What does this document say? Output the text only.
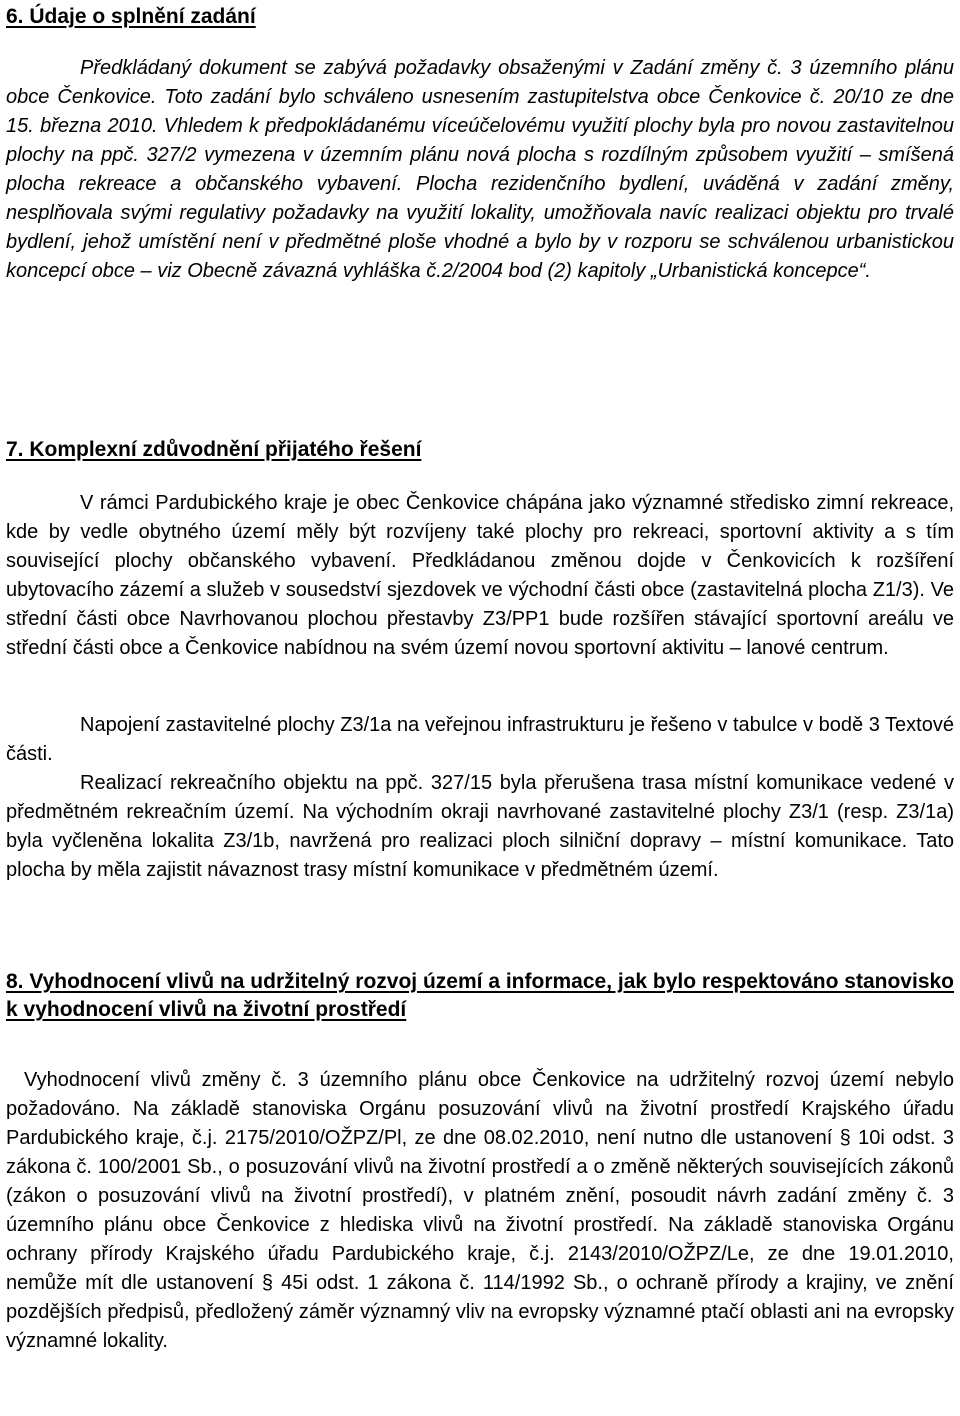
6. Údaje o splnění zadání

Předkládaný dokument se zabývá požadavky obsaženými v Zadání změny č. 3 územního plánu obce Čenkovice. Toto zadání bylo schváleno usnesením zastupitelstva obce Čenkovice č. 20/10 ze dne 15. března 2010. Vhledem k předpokládanému víceúčelovému využití plochy byla pro novou zastavitelnou plochy na ppč. 327/2 vymezena v územním plánu nová plocha s rozdílným způsobem využití – smíšená plocha rekreace a občanského vybavení. Plocha rezidenčního bydlení, uváděná v zadání změny, nesplňovala svými regulativy požadavky na využití lokality, umožňovala navíc realizaci objektu pro trvalé bydlení, jehož umístění není v předmětné ploše vhodné a bylo by v rozporu se schválenou urbanistickou koncepcí obce – viz Obecně závazná vyhláška č.2/2004 bod (2) kapitoly „Urbanistická koncepce“.

7. Komplexní zdůvodnění přijatého řešení

V rámci Pardubického kraje je obec Čenkovice chápána jako významné středisko zimní rekreace, kde by vedle obytného území měly být rozvíjeny také plochy pro rekreaci, sportovní aktivity a s tím související plochy občanského vybavení. Předkládanou změnou dojde v Čenkovicích k rozšíření ubytovacího zázemí a služeb v sousedství sjezdovek ve východní části obce (zastavitelná plocha Z1/3). Ve střední části obce Navrhovanou plochou přestavby Z3/PP1 bude rozšířen stávající sportovní areálu ve střední části obce a Čenkovice nabídnou na svém území novou sportovní aktivitu – lanové centrum.

Napojení zastavitelné plochy Z3/1a na veřejnou infrastrukturu je řešeno v tabulce v bodě 3 Textové části.

Realizací rekreačního objektu na ppč. 327/15 byla přerušena trasa místní komunikace vedené v předmětném rekreačním území. Na východním okraji navrhované zastavitelné plochy Z3/1 (resp. Z3/1a) byla vyčleněna lokalita Z3/1b, navržená pro realizaci ploch silniční dopravy – místní komunikace. Tato plocha by měla zajistit návaznost trasy místní komunikace v předmětném území.

8. Vyhodnocení vlivů na udržitelný rozvoj území a informace, jak bylo respektováno stanovisko k vyhodnocení vlivů na životní prostředí

Vyhodnocení vlivů změny č. 3 územního plánu obce Čenkovice na udržitelný rozvoj území nebylo požadováno. Na základě stanoviska Orgánu posuzování vlivů na životní prostředí Krajského úřadu Pardubického kraje, č.j. 2175/2010/OŽPZ/Pl, ze dne 08.02.2010, není nutno dle ustanovení § 10i odst. 3 zákona č. 100/2001 Sb., o posuzování vlivů na životní prostředí a o změně některých souvisejících zákonů (zákon o posuzování vlivů na životní prostředí), v platném znění, posoudit návrh zadání změny č. 3 územního plánu obce Čenkovice z hlediska vlivů na životní prostředí. Na základě stanoviska Orgánu ochrany přírody Krajského úřadu Pardubického kraje, č.j. 2143/2010/OŽPZ/Le, ze dne 19.01.2010, nemůže mít dle ustanovení § 45i odst. 1 zákona č. 114/1992 Sb., o ochraně přírody a krajiny, ve znění pozdějších předpisů, předložený záměr významný vliv na evropsky významné ptačí oblasti ani na evropsky významné lokality.
